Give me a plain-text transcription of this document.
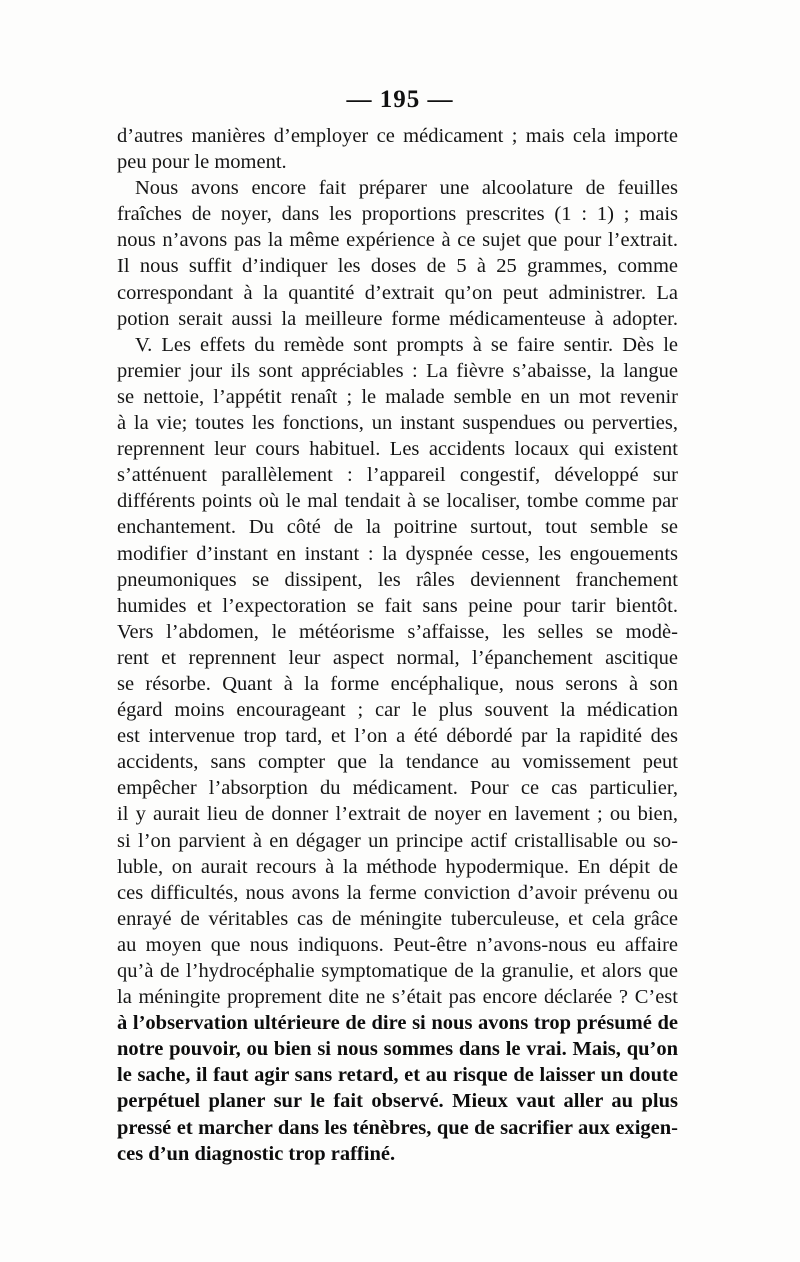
— 195 —
d’autres manières d’employer ce médicament ; mais cela importe
peu pour le moment.
Nous avons encore fait préparer une alcoolature de feuilles
fraîches de noyer, dans les proportions prescrites (1 : 1) ; mais
nous n’avons pas la même expérience à ce sujet que pour l’extrait.
Il nous suffit d’indiquer les doses de 5 à 25 grammes, comme
correspondant à la quantité d’extrait qu’on peut administrer. La
potion serait aussi la meilleure forme médicamenteuse à adopter.
V. Les effets du remède sont prompts à se faire sentir. Dès le
premier jour ils sont appréciables : La fièvre s’abaisse, la langue
se nettoie, l’appétit renaît ; le malade semble en un mot revenir
à la vie; toutes les fonctions, un instant suspendues ou perverties,
reprennent leur cours habituel. Les accidents locaux qui existent
s’atténuent parallèlement : l’appareil congestif, développé sur
différents points où le mal tendait à se localiser, tombe comme par
enchantement. Du côté de la poitrine surtout, tout semble se
modifier d’instant en instant : la dyspnée cesse, les engouements
pneumoniques se dissipent, les râles deviennent franchement
humides et l’expectoration se fait sans peine pour tarir bientôt.
Vers l’abdomen, le météorisme s’affaisse, les selles se modè-
rent et reprennent leur aspect normal, l’épanchement ascitique
se résorbe. Quant à la forme encéphalique, nous serons à son
égard moins encourageant ; car le plus souvent la médication
est intervenue trop tard, et l’on a été débordé par la rapidité des
accidents, sans compter que la tendance au vomissement peut
empêcher l’absorption du médicament. Pour ce cas particulier,
il y aurait lieu de donner l’extrait de noyer en lavement ; ou bien,
si l’on parvient à en dégager un principe actif cristallisable ou so-
luble, on aurait recours à la méthode hypodermique. En dépit de
ces difficultés, nous avons la ferme conviction d’avoir prévenu ou
enrayé de véritables cas de méningite tuberculeuse, et cela grâce
au moyen que nous indiquons. Peut-être n’avons-nous eu affaire
qu’à de l’hydrocéphalie symptomatique de la granulie, et alors que
la méningite proprement dite ne s’était pas encore déclarée ? C’est
à l’observation ultérieure de dire si nous avons trop présumé de
notre pouvoir, ou bien si nous sommes dans le vrai. Mais, qu’on
le sache, il faut agir sans retard, et au risque de laisser un doute
perpétuel planer sur le fait observé. Mieux vaut aller au plus
pressé et marcher dans les ténèbres, que de sacrifier aux exigen-
ces d’un diagnostic trop raffiné.
